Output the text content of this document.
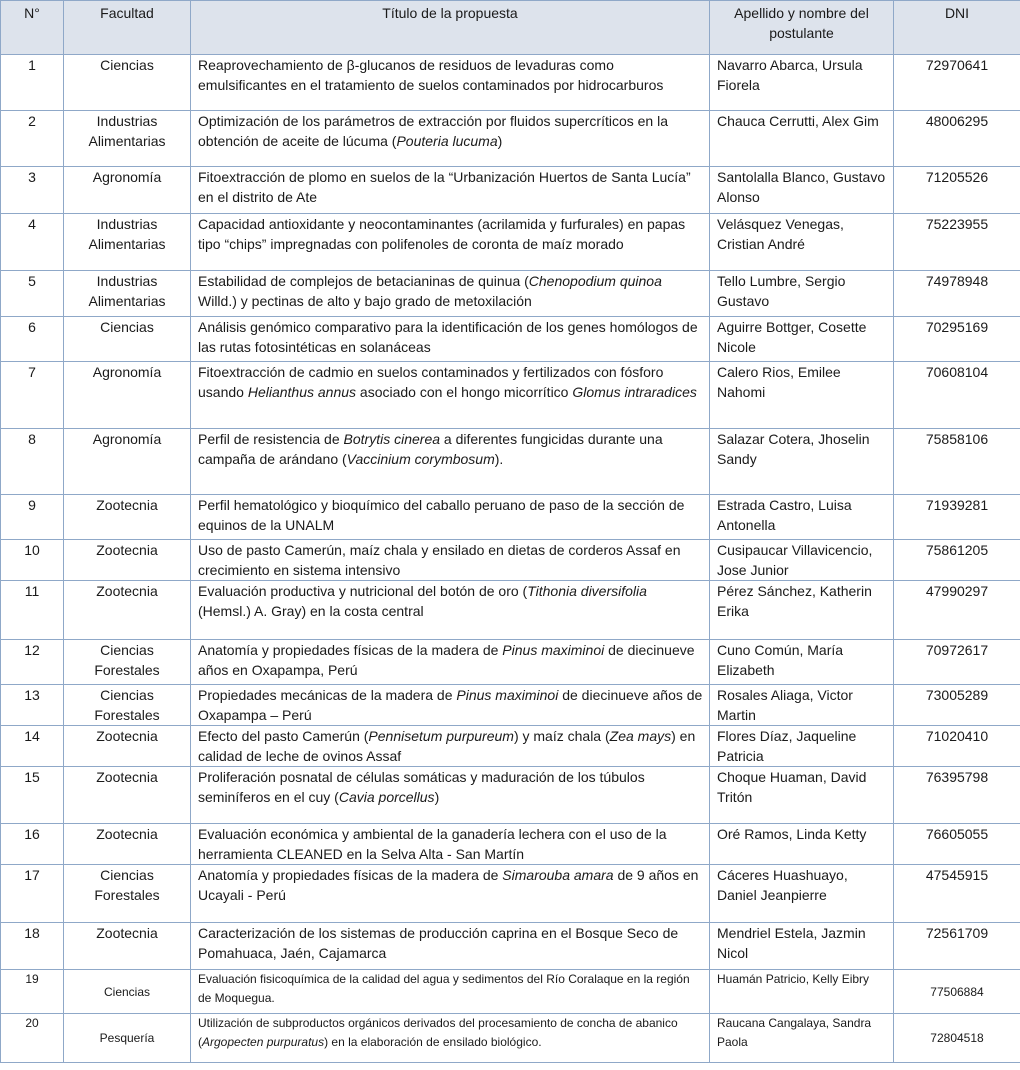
N°	Facultad	Título de la propuesta	Apellido y nombre del postulante	DNI
1	Ciencias	Reaprovechamiento de β-glucanos de residuos de levaduras como emulsificantes en el tratamiento de suelos contaminados por hidrocarburos	Navarro Abarca, Ursula Fiorela	72970641
2	Industrias Alimentarias	Optimización de los parámetros de extracción por fluidos supercríticos en la obtención de aceite de lúcuma (Pouteria lucuma)	Chauca Cerrutti, Alex Gim	48006295
3	Agronomía	Fitoextracción de plomo en suelos de la “Urbanización Huertos de Santa Lucía” en el distrito de Ate	Santolalla Blanco, Gustavo Alonso	71205526
4	Industrias Alimentarias	Capacidad antioxidante y neocontaminantes (acrilamida y furfurales) en papas tipo “chips” impregnadas con polifenoles de coronta de maíz morado	Velásquez Venegas, Cristian André	75223955
5	Industrias Alimentarias	Estabilidad de complejos de betacianinas de quinua (Chenopodium quinoa Willd.) y pectinas de alto y bajo grado de metoxilación	Tello Lumbre, Sergio Gustavo	74978948
6	Ciencias	Análisis genómico comparativo para la identificación de los genes homólogos de las rutas fotosintéticas en solanáceas	Aguirre Bottger, Cosette Nicole	70295169
7	Agronomía	Fitoextracción de cadmio en suelos contaminados y fertilizados con fósforo usando Helianthus annus asociado con el hongo micorrítico Glomus intraradices	Calero Rios, Emilee Nahomi	70608104
8	Agronomía	Perfil de resistencia de Botrytis cinerea a diferentes fungicidas durante una campaña de arándano (Vaccinium corymbosum).	Salazar Cotera, Jhoselin Sandy	75858106
9	Zootecnia	Perfil hematológico y bioquímico del caballo peruano de paso de la sección de equinos de la UNALM	Estrada Castro, Luisa Antonella	71939281
10	Zootecnia	Uso de pasto Camerún, maíz chala y ensilado en dietas de corderos Assaf en crecimiento en sistema intensivo	Cusipaucar Villavicencio, Jose Junior	75861205
11	Zootecnia	Evaluación productiva y nutricional del botón de oro (Tithonia diversifolia (Hemsl.) A. Gray) en la costa central	Pérez Sánchez, Katherin Erika	47990297
12	Ciencias Forestales	Anatomía y propiedades físicas de la madera de Pinus maximinoi de diecinueve años en Oxapampa, Perú	Cuno Común, María Elizabeth	70972617
13	Ciencias Forestales	Propiedades mecánicas de la madera de Pinus maximinoi de diecinueve años de Oxapampa – Perú	Rosales Aliaga, Victor Martin	73005289
14	Zootecnia	Efecto del pasto Camerún (Pennisetum purpureum) y maíz chala (Zea mays) en calidad de leche de ovinos Assaf	Flores Díaz, Jaqueline Patricia	71020410
15	Zootecnia	Proliferación posnatal de células somáticas y maduración de los túbulos seminíferos en el cuy (Cavia porcellus)	Choque Huaman, David Tritón	76395798
16	Zootecnia	Evaluación económica y ambiental de la ganadería lechera con el uso de la herramienta CLEANED en la Selva Alta - San Martín	Oré Ramos, Linda Ketty	76605055
17	Ciencias Forestales	Anatomía y propiedades físicas de la madera de Simarouba amara de 9 años en Ucayali - Perú	Cáceres Huashuayo, Daniel Jeanpierre	47545915
18	Zootecnia	Caracterización de los sistemas de producción caprina en el Bosque Seco de Pomahuaca, Jaén, Cajamarca	Mendriel Estela, Jazmin Nicol	72561709
19	Ciencias	Evaluación fisicoquímica de la calidad del agua y sedimentos del Río Coralaque en la región de Moquegua.	Huamán Patricio, Kelly Eibry	77506884
20	Pesquería	Utilización de subproductos orgánicos derivados del procesamiento de concha de abanico (Argopecten purpuratus) en la elaboración de ensilado biológico.	Raucana Cangalaya, Sandra Paola	72804518
